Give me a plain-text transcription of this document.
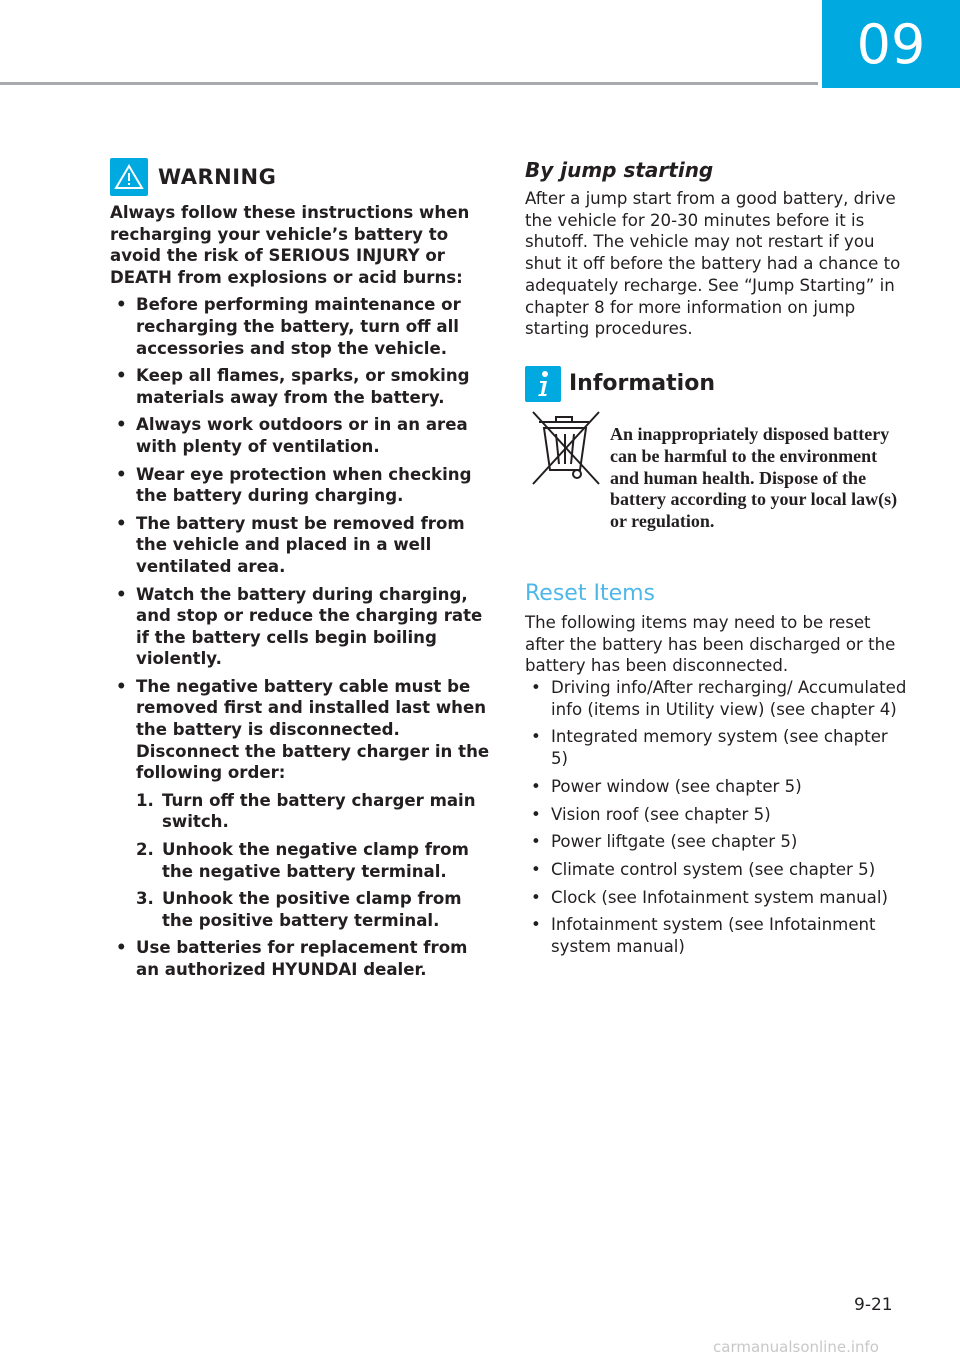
09
WARNING

Always follow these instructions when recharging your vehicle’s battery to avoid the risk of SERIOUS INJURY or DEATH from explosions or acid burns:

• Before performing maintenance or recharging the battery, turn off all accessories and stop the vehicle.
• Keep all flames, sparks, or smoking materials away from the battery.
• Always work outdoors or in an area with plenty of ventilation.
• Wear eye protection when checking the battery during charging.
• The battery must be removed from the vehicle and placed in a well ventilated area.
• Watch the battery during charging, and stop or reduce the charging rate if the battery cells begin boiling violently.
• The negative battery cable must be removed first and installed last when the battery is disconnected. Disconnect the battery charger in the following order:
1. Turn off the battery charger main switch.
2. Unhook the negative clamp from the negative battery terminal.
3. Unhook the positive clamp from the positive battery terminal.
• Use batteries for replacement from an authorized HYUNDAI dealer.
By jump starting

After a jump start from a good battery, drive the vehicle for 20-30 minutes before it is shutoff. The vehicle may not restart if you shut it off before the battery had a chance to adequately recharge. See “Jump Starting” in chapter 8 for more information on jump starting procedures.

Information

An inappropriately disposed battery can be harmful to the environment and human health. Dispose of the battery according to your local law(s) or regulation.

Reset Items

The following items may need to be reset after the battery has been discharged or the battery has been disconnected.

• Driving info/After recharging/ Accumulated info (items in Utility view) (see chapter 4)
• Integrated memory system (see chapter 5)
• Power window (see chapter 5)
• Vision roof (see chapter 5)
• Power liftgate (see chapter 5)
• Climate control system (see chapter 5)
• Clock (see Infotainment system manual)
• Infotainment system (see Infotainment system manual)
9-21
carmanualsonline.info
